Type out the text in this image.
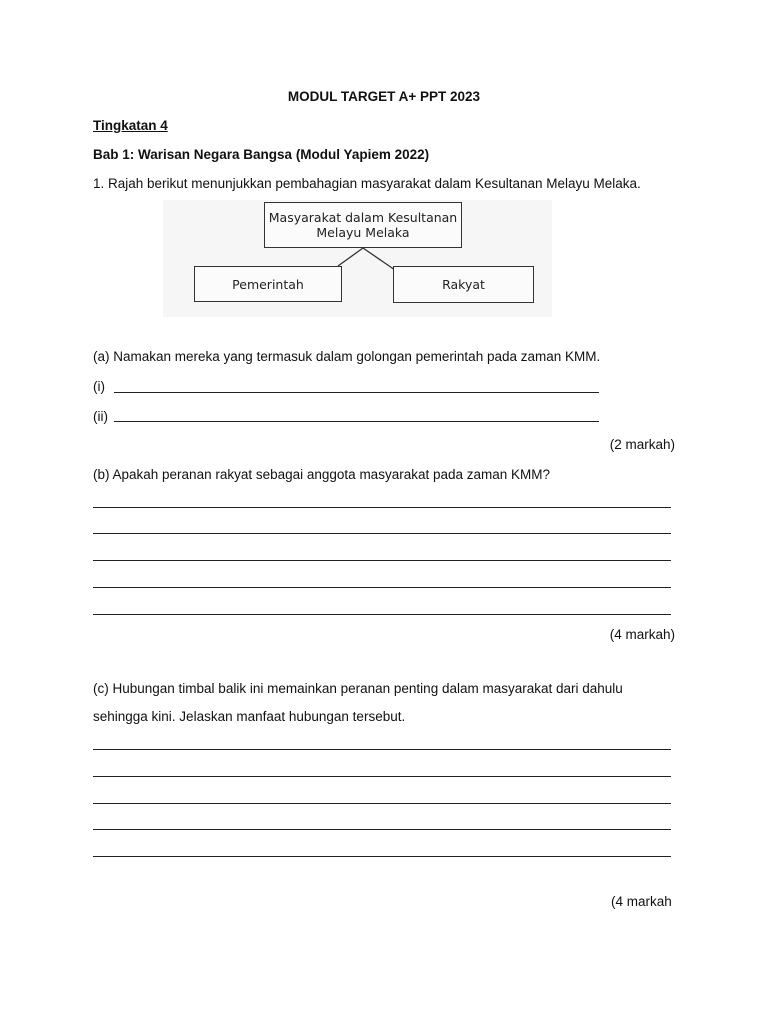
MODUL TARGET A+ PPT 2023
Tingkatan 4
Bab 1: Warisan Negara Bangsa (Modul Yapiem 2022)
1. Rajah berikut menunjukkan pembahagian masyarakat dalam Kesultanan Melayu Melaka.
Masyarakat dalam Kesultanan
Melayu Melaka
Pemerintah	Rakyat
(a) Namakan mereka yang termasuk dalam golongan pemerintah pada zaman KMM.
(i)
(ii)
(2 markah)
(b) Apakah peranan rakyat sebagai anggota masyarakat pada zaman KMM?
(4 markah)
(c) Hubungan timbal balik ini memainkan peranan penting dalam masyarakat dari dahulu
sehingga kini. Jelaskan manfaat hubungan tersebut.
(4 markah
